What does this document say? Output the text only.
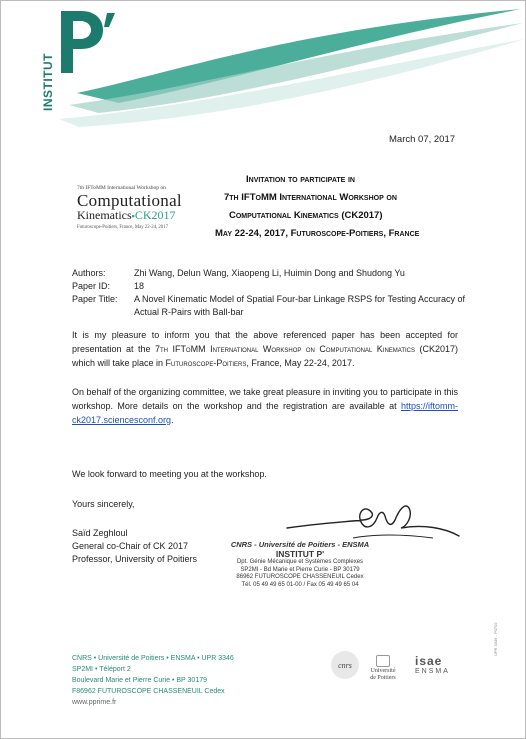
INSTITUT
March 07, 2017
7th IFToMM International Workshop on
Computational
Kinematics▪CK2017
Futuroscope-Poitiers, France, May 22-24, 2017
Invitation to participate in
7th IFToMM International Workshop on
Computational Kinematics (CK2017)
May 22-24, 2017, Futuroscope-Poitiers, France
Authors:	Zhi Wang, Delun Wang, Xiaopeng Li, Huimin Dong and Shudong Yu
Paper ID:	18
Paper Title:	A Novel Kinematic Model of Spatial Four-bar Linkage RSPS for Testing Accuracy of Actual R-Pairs with Ball-bar
It is my pleasure to inform you that the above referenced paper has been accepted for presentation at the 7th IFToMM International Workshop on Computational Kinematics (CK2017) which will take place in Futuroscope-Poitiers, France, May 22-24, 2017.
On behalf of the organizing committee, we take great pleasure in inviting you to participate in this workshop. More details on the workshop and the registration are available at https://iftomm-ck2017.sciencesconf.org.
We look forward to meeting you at the workshop.
Yours sincerely,
Saïd Zeghloul
General co-Chair of CK 2017
Professor, University of Poitiers
CNRS - Université de Poitiers - ENSMA
INSTITUT P'
Dpt. Génie Mécanique et Systèmes Complexes
SP2MI - Bd Marie et Pierre Curie - BP 30179
86962 FUTUROSCOPE CHASSENEUIL Cedex
Tél. 05 49 49 65 01-00 / Fax 05 49 49 65 04
CNRS • Université de Poitiers • ENSMA • UPR 3346
SP2MI • Téléport 2
Boulevard Marie et Pierre Curie • BP 30179
F86962 FUTUROSCOPE CHASSENEUIL Cedex
www.pprime.fr
cnrs
Université
de Poitiers
isae
ENSMA
UPR 3346 - P0702
